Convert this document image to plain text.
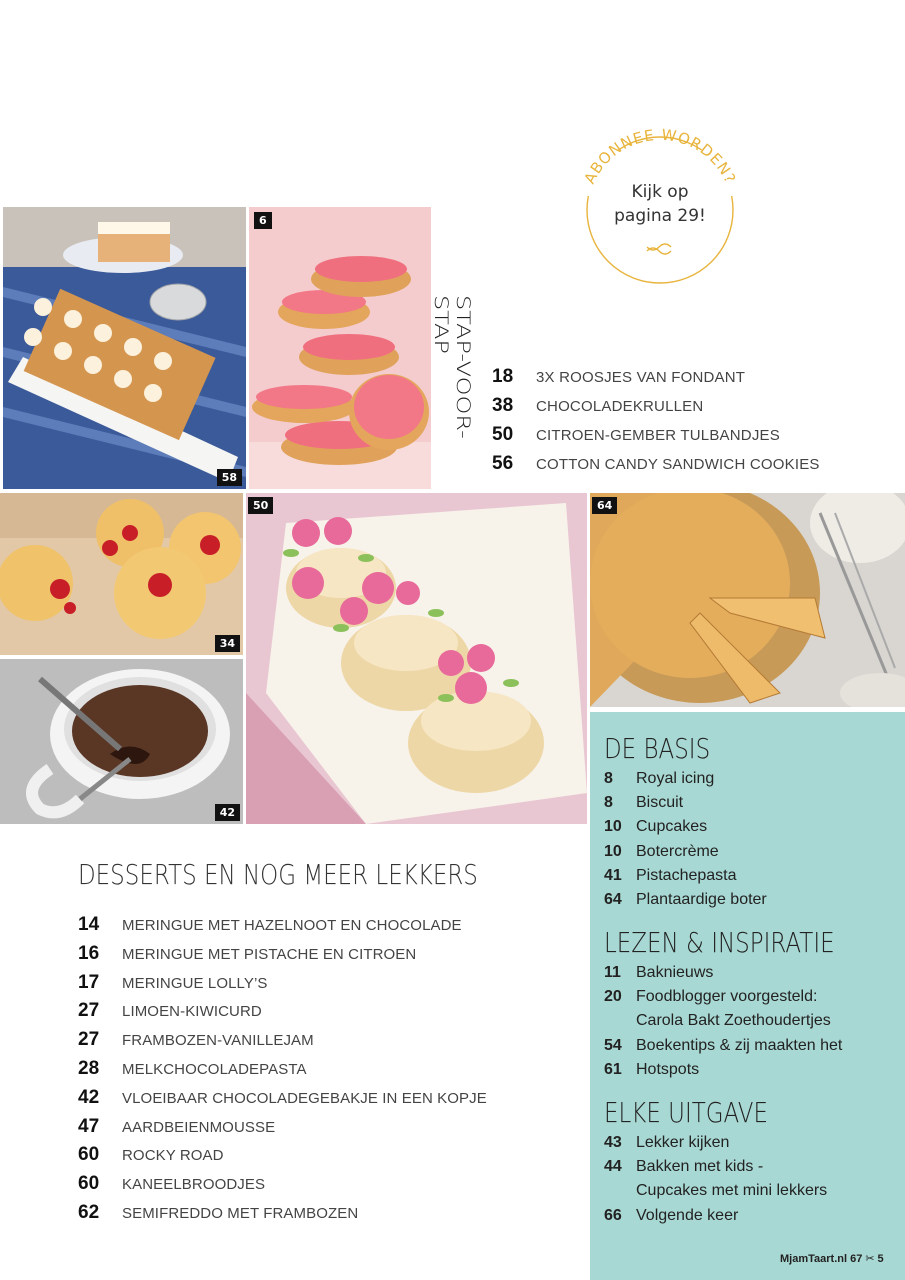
ABONNEE WORDEN?
Kijk op
pagina 29!
58
6
STAP-VOOR-STAP
18	3X ROOSJES VAN FONDANT
38	CHOCOLADEKRULLEN
50	CITROEN-GEMBER TULBANDJES
56	COTTON CANDY SANDWICH COOKIES
34
50	64
42
DESSERTS EN NOG MEER LEKKERS
14	MERINGUE MET HAZELNOOT EN CHOCOLADE
16	MERINGUE MET PISTACHE EN CITROEN
17	MERINGUE LOLLY’S
27	LIMOEN-KIWICURD
27	FRAMBOZEN-VANILLEJAM
28	MELKCHOCOLADEPASTA
42	VLOEIBAAR CHOCOLADEGEBAKJE IN EEN KOPJE
47	AARDBEIENMOUSSE
60	ROCKY ROAD
60	KANEELBROODJES
62	SEMIFREDDO MET FRAMBOZEN
DE BASIS
8	Royal icing
8	Biscuit
10 Cupcakes
10 Botercrème
41 Pistachepasta
64 Plantaardige boter
LEZEN & INSPIRATIE
11 Baknieuws
20 Foodblogger voorgesteld:
Carola Bakt Zoethoudertjes
54 Boekentips & zij maakten het
61 Hotspots
ELKE UITGAVE
43 Lekker kijken
44 Bakken met kids -
Cupcakes met mini lekkers
66 Volgende keer
MjamTaart.nl 67 ✂ 5
